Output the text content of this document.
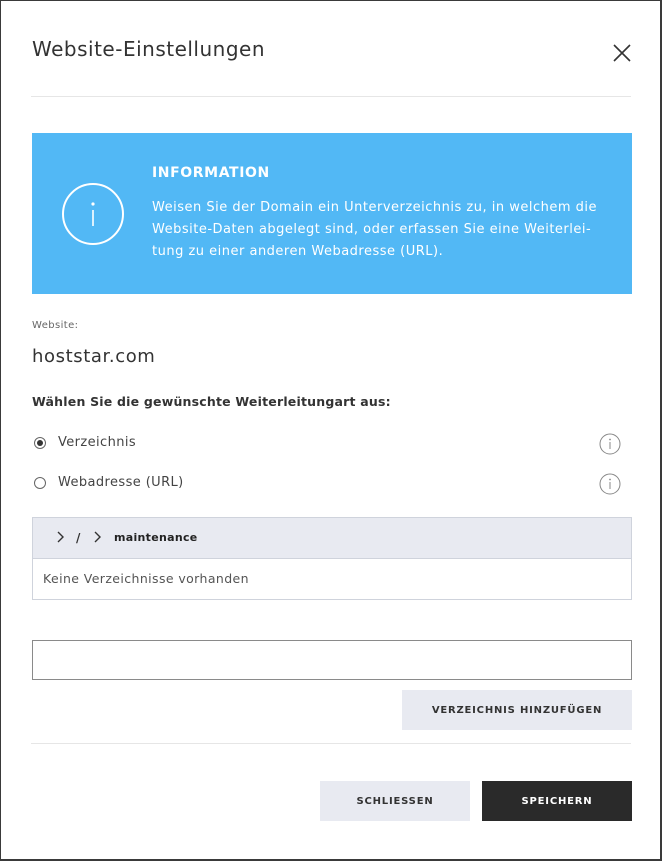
Website-Einstellungen
INFORMATION
Weisen Sie der Domain ein Unterverzeichnis zu, in welchem die Website-Daten abgelegt sind, oder erfassen Sie eine Weiterleitung zu einer anderen Webadresse (URL).
Website:
hoststar.com
Wählen Sie die gewünschte Weiterleitungart aus:
Verzeichnis
Webadresse (URL)
/	maintenance
Keine Verzeichnisse vorhanden
VERZEICHNIS HINZUFÜGEN
SCHLIESSEN	SPEICHERN
